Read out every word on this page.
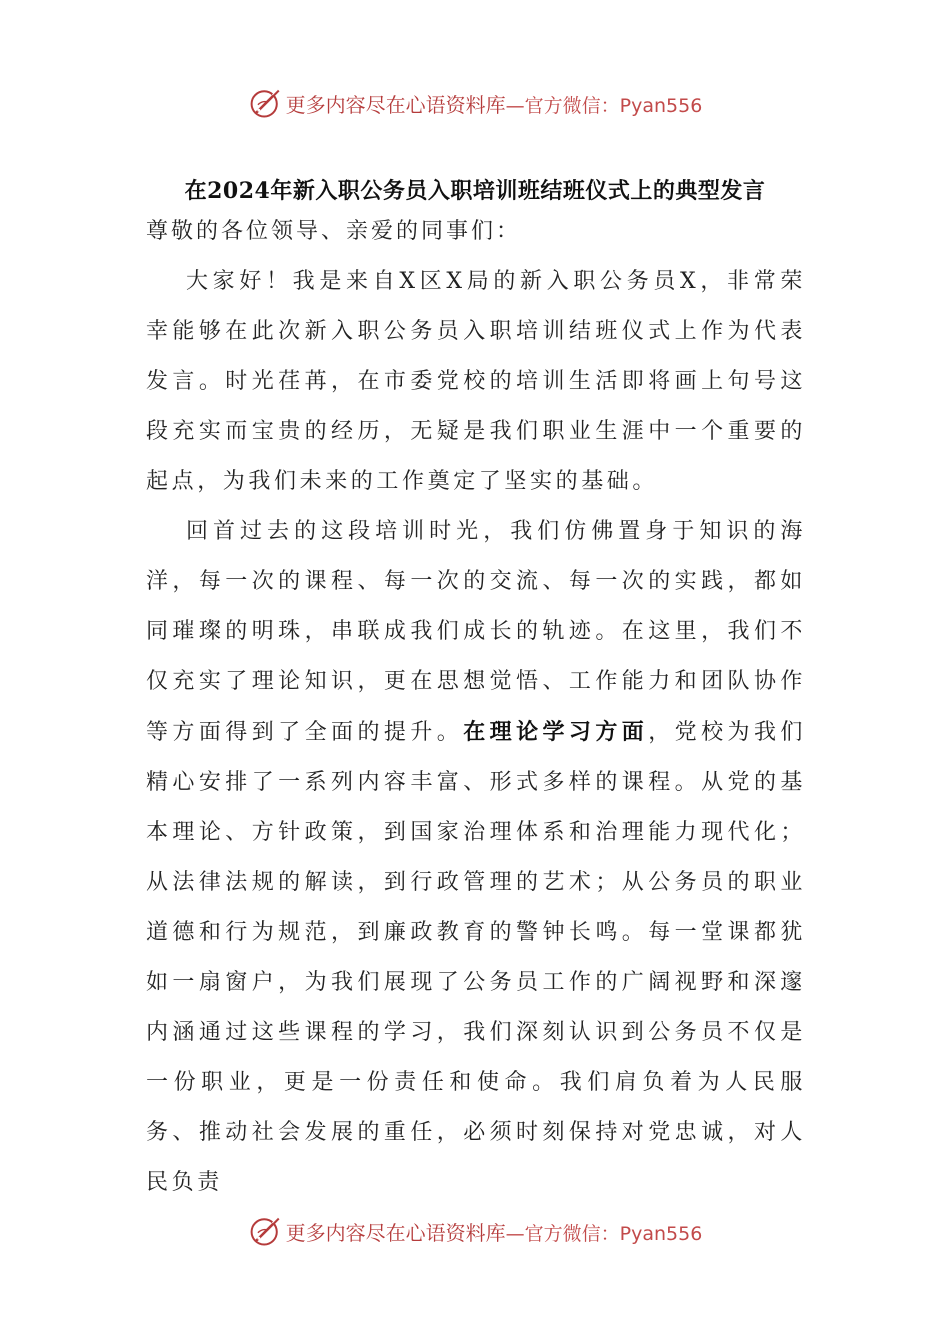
更多内容尽在心语资料库—官方微信：Pyan556
在2024年新入职公务员入职培训班结班仪式上的典型发言

尊敬的各位领导、亲爱的同事们：

大家好！我是来自X区X局的新入职公务员X，非常荣幸能够在此次新入职公务员入职培训结班仪式上作为代表发言。时光荏苒，在市委党校的培训生活即将画上句号这段充实而宝贵的经历，无疑是我们职业生涯中一个重要的起点，为我们未来的工作奠定了坚实的基础。

回首过去的这段培训时光，我们仿佛置身于知识的海洋，每一次的课程、每一次的交流、每一次的实践，都如同璀璨的明珠，串联成我们成长的轨迹。在这里，我们不仅充实了理论知识，更在思想觉悟、工作能力和团队协作等方面得到了全面的提升。在理论学习方面，党校为我们精心安排了一系列内容丰富、形式多样的课程。从党的基本理论、方针政策，到国家治理体系和治理能力现代化；从法律法规的解读，到行政管理的艺术；从公务员的职业道德和行为规范，到廉政教育的警钟长鸣。每一堂课都犹如一扇窗户，为我们展现了公务员工作的广阔视野和深邃内涵通过这些课程的学习，我们深刻认识到公务员不仅是一份职业，更是一份责任和使命。我们肩负着为人民服务、推动社会发展的重任，必须时刻保持对党忠诚，对人民负责

更多内容尽在心语资料库—官方微信：Pyan556
